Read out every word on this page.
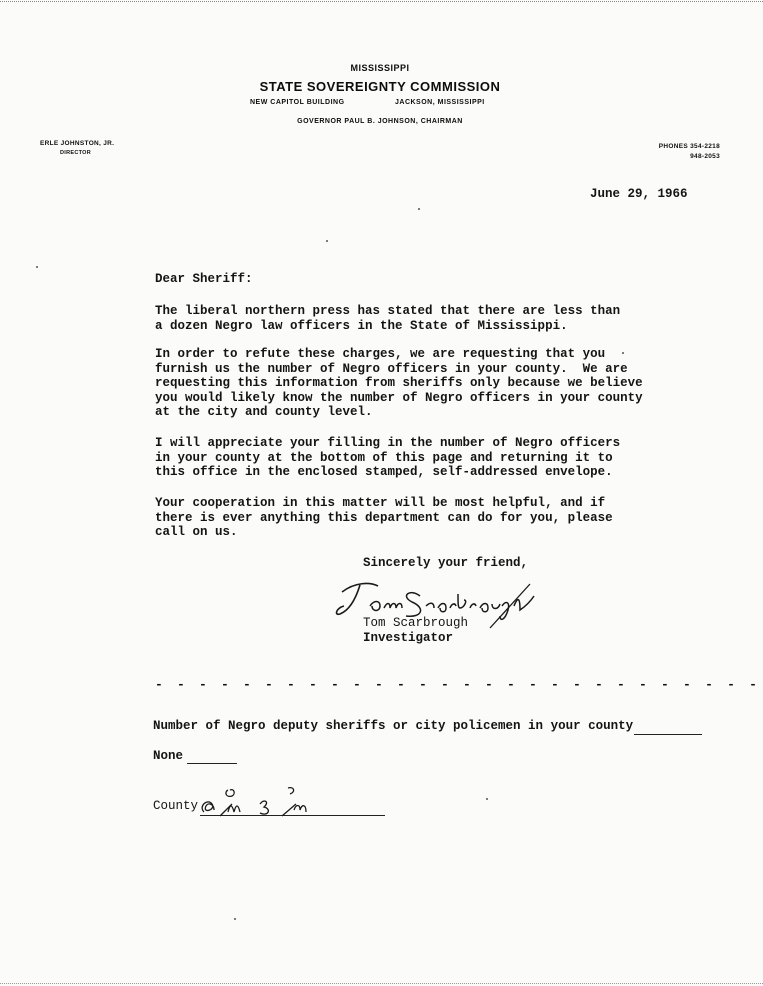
MISSISSIPPI
STATE SOVEREIGNTY COMMISSION
NEW CAPITOL BUILDING	JACKSON, MISSISSIPPI
GOVERNOR PAUL B. JOHNSON, CHAIRMAN
ERLE JOHNSTON, JR.
DIRECTOR
PHONES 354-2218
948-2053
June 29, 1966
Dear Sheriff:
The liberal northern press has stated that there are less than
a dozen Negro law officers in the State of Mississippi.
In order to refute these charges, we are requesting that you
furnish us the number of Negro officers in your county.  We are
requesting this information from sheriffs only because we believe
you would likely know the number of Negro officers in your county
at the city and county level.
I will appreciate your filling in the number of Negro officers
in your county at the bottom of this page and returning it to
this office in the enclosed stamped, self-addressed envelope.
Your cooperation in this matter will be most helpful, and if
there is ever anything this department can do for you, please
call on us.
Sincerely your friend,
Tom Scarbrough
Investigator
- - - - - - - - - - - - - - - - - - - - - - - - - - - -
Number of Negro deputy sheriffs or city policemen in your county
None
County
